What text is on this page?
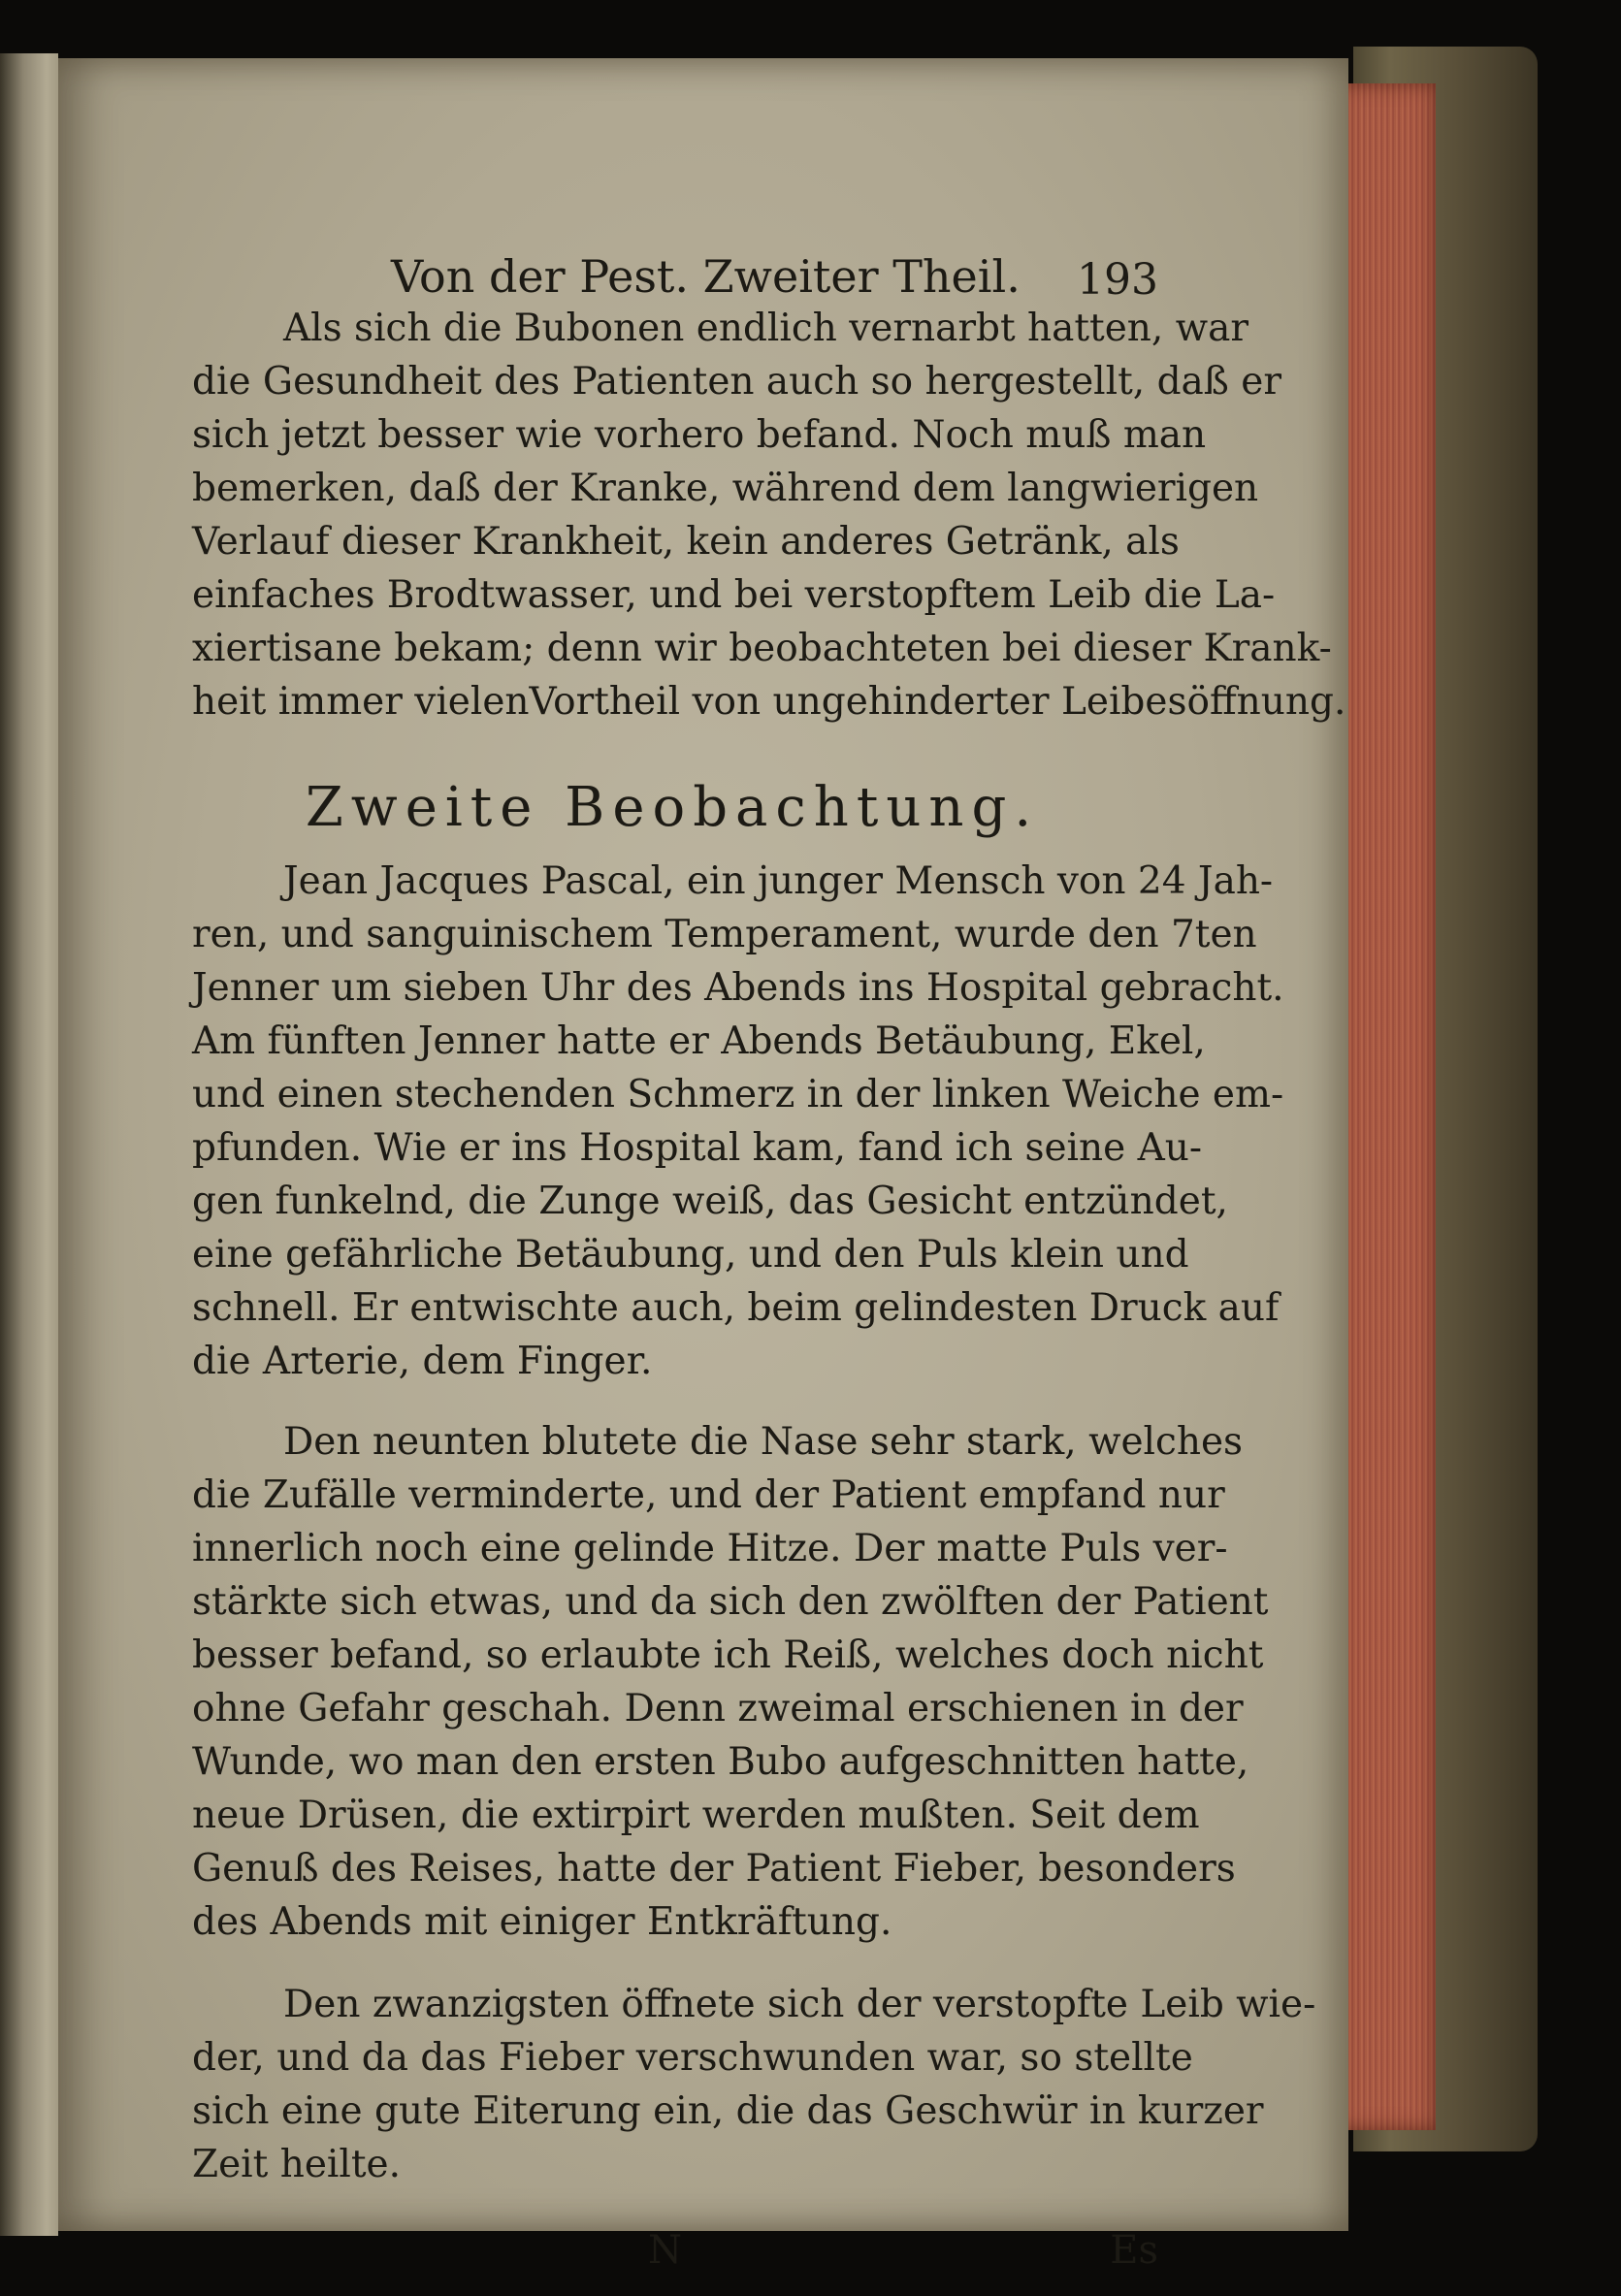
Von der Pest. Zweiter Theil. 193

Als sich die Bubonen endlich vernarbt hatten, war
die Gesundheit des Patienten auch so hergestellt, daß er
sich jetzt besser wie vorhero befand. Noch muß man
bemerken, daß der Kranke, während dem langwierigen
Verlauf dieser Krankheit, kein anderes Getränk, als
einfaches Brodtwasser, und bei verstopftem Leib die La-
xiertisane bekam; denn wir beobachteten bei dieser Krank-
heit immer vielenVortheil von ungehinderter Leibesöffnung.

Zweite Beobachtung.

Jean Jacques Pascal, ein junger Mensch von 24 Jah-
ren, und sanguinischem Temperament, wurde den 7ten
Jenner um sieben Uhr des Abends ins Hospital gebracht.
Am fünften Jenner hatte er Abends Betäubung, Ekel,
und einen stechenden Schmerz in der linken Weiche em-
pfunden. Wie er ins Hospital kam, fand ich seine Au-
gen funkelnd, die Zunge weiß, das Gesicht entzündet,
eine gefährliche Betäubung, und den Puls klein und
schnell. Er entwischte auch, beim gelindesten Druck auf
die Arterie, dem Finger.

Den neunten blutete die Nase sehr stark, welches
die Zufälle verminderte, und der Patient empfand nur
innerlich noch eine gelinde Hitze. Der matte Puls ver-
stärkte sich etwas, und da sich den zwölften der Patient
besser befand, so erlaubte ich Reiß, welches doch nicht
ohne Gefahr geschah. Denn zweimal erschienen in der
Wunde, wo man den ersten Bubo aufgeschnitten hatte,
neue Drüsen, die extirpirt werden mußten. Seit dem
Genuß des Reises, hatte der Patient Fieber, besonders
des Abends mit einiger Entkräftung.

Den zwanzigsten öffnete sich der verstopfte Leib wie-
der, und da das Fieber verschwunden war, so stellte
sich eine gute Eiterung ein, die das Geschwür in kurzer
Zeit heilte.

N	Es
